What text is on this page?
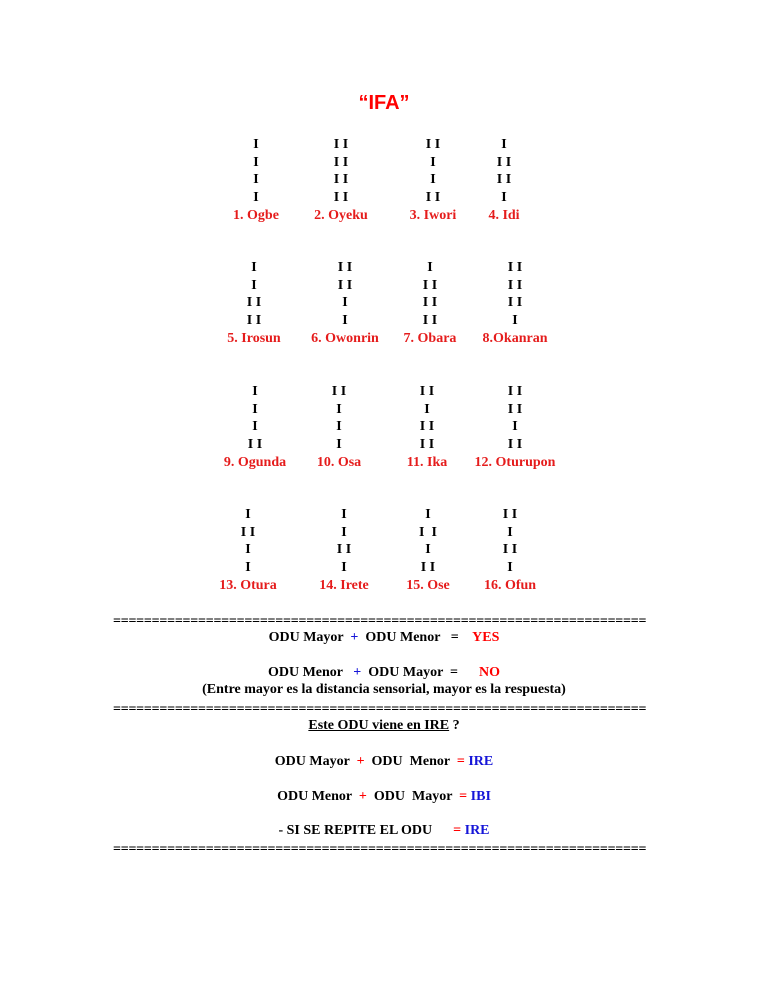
“IFA”
I
I
I
I
1. Ogbe
I I
I I
I I
I I
2. Oyeku
I I
I
I
I I
3. Iwori
I
I I
I I
I
4. Idi
I
I
I I
I I
5. Irosun
I I
I I
I
I
6. Owonrin
I
I I
I I
I I
7. Obara
I I
I I
I I
I
8.Okanran
I
I
I
I I
9. Ogunda
I I
I
I
I
10. Osa
I I
I
I I
I I
11. Ika
I I
I I
I
I I
12. Oturupon
I
I I
I
I
13. Otura
I
I
I I
I
14. Irete
I
I  I
I
I I
15. Ose
I I
I
I I
I
16. Ofun
=====================================================================
ODU Mayor + ODU Menor = YES
ODU Menor + ODU Mayor = NO
(Entre mayor es la distancia sensorial, mayor es la respuesta)
=====================================================================
Este ODU viene en IRE ?
ODU Mayor + ODU  Menor = IRE
ODU Menor + ODU  Mayor = IBI
- SI SE REPITE EL ODU = IRE
=====================================================================
